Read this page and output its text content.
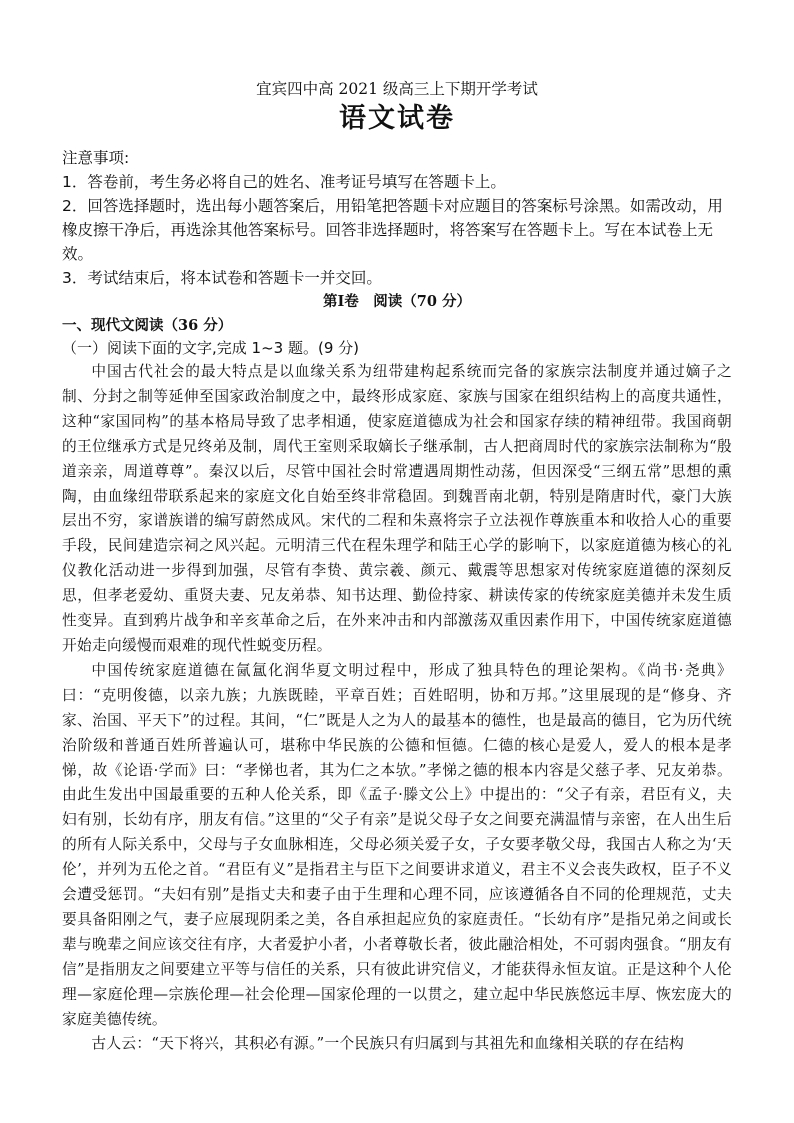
宜宾四中高 2021 级高三上下期开学考试

语文试卷

注意事项:

1．答卷前，考生务必将自己的姓名、准考证号填写在答题卡上。

2．回答选择题时，选出每小题答案后，用铅笔把答题卡对应题目的答案标号涂黑。如需改动，用橡皮擦干净后，再选涂其他答案标号。回答非选择题时，将答案写在答题卡上。写在本试卷上无效。

3．考试结束后，将本试卷和答题卡一并交回。

第Ⅰ卷　阅读（70 分）

一、现代文阅读（36 分）

（一）阅读下面的文字,完成 1~3 题。(9 分)

中国古代社会的最大特点是以血缘关系为纽带建构起系统而完备的家族宗法制度并通过嫡子之制、分封之制等延伸至国家政治制度之中，最终形成家庭、家族与国家在组织结构上的高度共通性，这种“家国同构”的基本格局导致了忠孝相通，使家庭道德成为社会和国家存续的精神纽带。我国商朝的王位继承方式是兄终弟及制，周代王室则采取嫡长子继承制，古人把商周时代的家族宗法制称为“殷道亲亲，周道尊尊”。秦汉以后，尽管中国社会时常遭遇周期性动荡，但因深受“三纲五常”思想的熏陶，由血缘纽带联系起来的家庭文化自始至终非常稳固。到魏晋南北朝，特别是隋唐时代，豪门大族层出不穷，家谱族谱的编写蔚然成风。宋代的二程和朱熹将宗子立法视作尊族重本和收拾人心的重要手段，民间建造宗祠之风兴起。元明清三代在程朱理学和陆王心学的影响下，以家庭道德为核心的礼仪教化活动进一步得到加强，尽管有李贽、黄宗羲、颜元、戴震等思想家对传统家庭道德的深刻反思，但孝老爱幼、重贤夫妻、兄友弟恭、知书达理、勤俭持家、耕读传家的传统家庭美德并未发生质性变异。直到鸦片战争和辛亥革命之后，在外来冲击和内部激荡双重因素作用下，中国传统家庭道德开始走向缓慢而艰难的现代性蜕变历程。

中国传统家庭道德在氤氲化润华夏文明过程中，形成了独具特色的理论架构。《尚书·尧典》曰：“克明俊德，以亲九族；九族既睦，平章百姓；百姓昭明，协和万邦。”这里展现的是“修身、齐家、治国、平天下”的过程。其间，“仁”既是人之为人的最基本的德性，也是最高的德目，它为历代统治阶级和普通百姓所普遍认可，堪称中华民族的公德和恒德。仁德的核心是爱人，爱人的根本是孝悌，故《论语·学而》曰：“孝悌也者，其为仁之本欤。”孝悌之德的根本内容是父慈子孝、兄友弟恭。由此生发出中国最重要的五种人伦关系，即《孟子·滕文公上》中提出的：“父子有亲，君臣有义，夫妇有别，长幼有序，朋友有信。”这里的“父子有亲”是说父母子女之间要充满温情与亲密，在人出生后的所有人际关系中，父母与子女血脉相连，父母必须关爱子女，子女要孝敬父母，我国古人称之为‘天伦’，并列为五伦之首。“君臣有义”是指君主与臣下之间要讲求道义，君主不义会丧失政权，臣子不义会遭受惩罚。“夫妇有别”是指丈夫和妻子由于生理和心理不同，应该遵循各自不同的伦理规范，丈夫要具备阳刚之气，妻子应展现阴柔之美，各自承担起应负的家庭责任。“长幼有序”是指兄弟之间或长辈与晚辈之间应该交往有序，大者爱护小者，小者尊敬长者，彼此融洽相处，不可弱肉强食。“朋友有信”是指朋友之间要建立平等与信任的关系，只有彼此讲究信义，才能获得永恒友谊。正是这种个人伦理—家庭伦理—宗族伦理—社会伦理—国家伦理的一以贯之，建立起中华民族悠远丰厚、恢宏庞大的家庭美德传统。

古人云：“天下将兴，其积必有源。”一个民族只有归属到与其祖先和血缘相关联的存在结构
